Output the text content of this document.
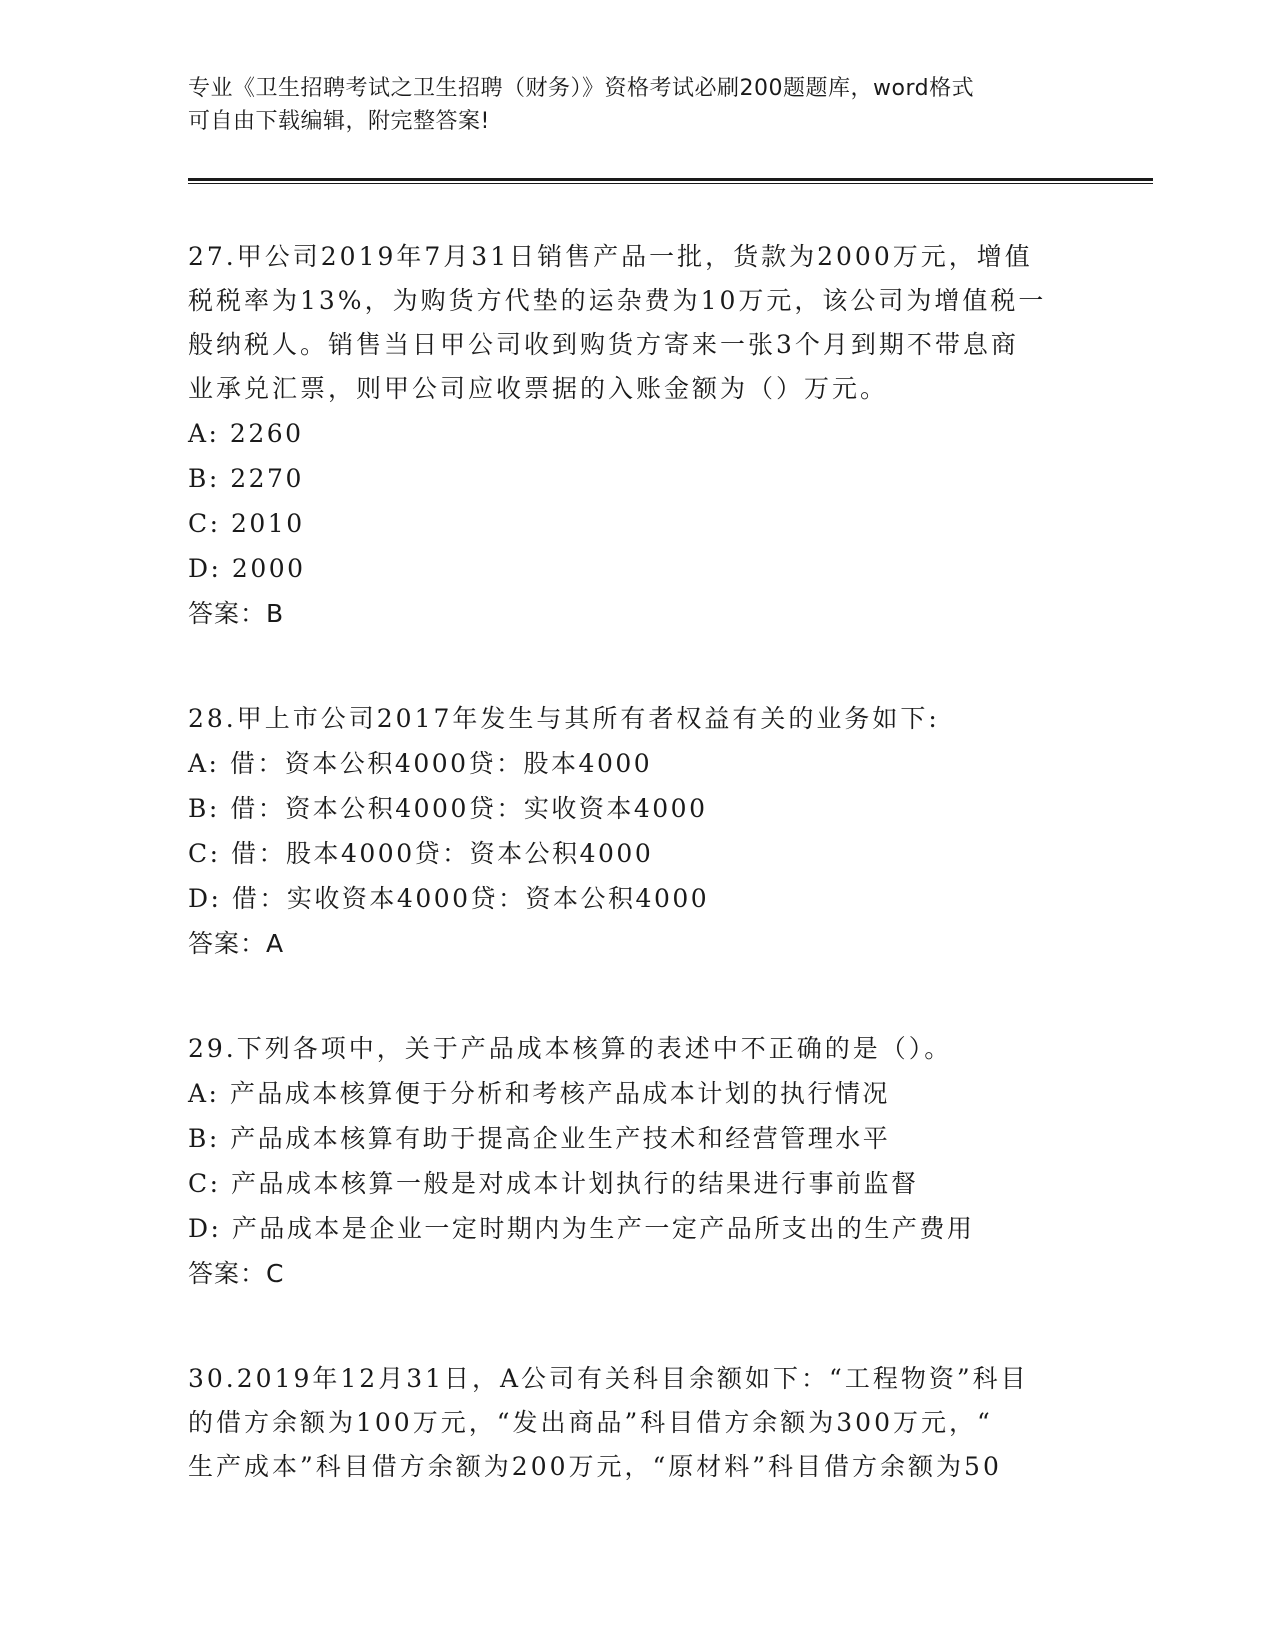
专业《卫生招聘考试之卫生招聘（财务）》资格考试必刷200题题库，word格式
可自由下载编辑，附完整答案!
27.甲公司2019年7月31日销售产品一批，货款为2000万元，增值
税税率为13%，为购货方代垫的运杂费为10万元，该公司为增值税一
般纳税人。销售当日甲公司收到购货方寄来一张3个月到期不带息商
业承兑汇票，则甲公司应收票据的入账金额为（）万元。
A: 2260
B: 2270
C: 2010
D: 2000
答案：B
28.甲上市公司2017年发生与其所有者权益有关的业务如下:
A: 借：资本公积4000贷：股本4000
B: 借：资本公积4000贷：实收资本4000
C: 借：股本4000贷：资本公积4000
D: 借：实收资本4000贷：资本公积4000
答案：A
29.下列各项中，关于产品成本核算的表述中不正确的是（）。
A: 产品成本核算便于分析和考核产品成本计划的执行情况
B: 产品成本核算有助于提高企业生产技术和经营管理水平
C: 产品成本核算一般是对成本计划执行的结果进行事前监督
D: 产品成本是企业一定时期内为生产一定产品所支出的生产费用
答案：C
30.2019年12月31日，A公司有关科目余额如下：“工程物资”科目
的借方余额为100万元，“发出商品”科目借方余额为300万元，“
生产成本”科目借方余额为200万元，“原材料”科目借方余额为50
